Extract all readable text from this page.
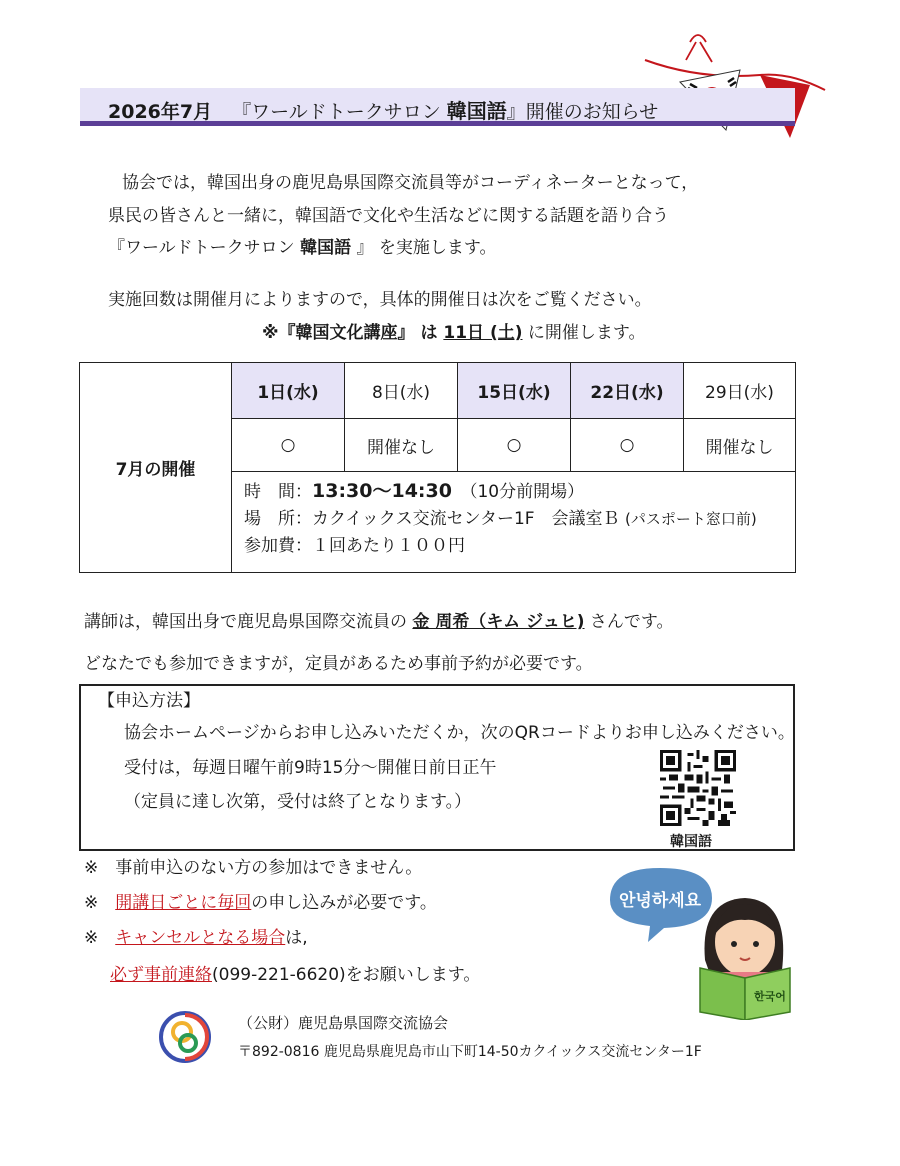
2026年7月 『ワールドトークサロン 韓国語』開催のお知らせ
協会では，韓国出身の鹿児島県国際交流員等がコーディネーターとなって，
県民の皆さんと一緒に，韓国語で文化や生活などに関する話題を語り合う
『ワールドトークサロン 韓国語 』 を実施します。
実施回数は開催月によりますので，具体的開催日は次をご覧ください。
※『韓国文化講座』 は 11日 (土) に開催します。
7月の開催	1日(水)	8日(水)	15日(水)	22日(水)	29日(水)
	○	開催なし	○	○	開催なし

	時　間：13:30～14:30　 （10分前開場）
場　所：カクイックス交流センター1F　会議室Ｂ (パスポート窓口前)
参加費：１回あたり１００円				
講師は，韓国出身で鹿児島県国際交流員の 金 周希（キム ジュヒ) さんです。
どなたでも参加できますが，定員があるため事前予約が必要です。
【申込方法】
協会ホームページからお申し込みいただくか，次のQRコードよりお申し込みください。
受付は，毎週日曜午前9時15分～開催日前日正午
（定員に達し次第，受付は終了となります。）
韓国語
※　 事前申込のない方の参加はできません。
※　 開講日ごとに毎回の申し込みが必要です。
※　 キャンセルとなる場合は,
必ず事前連絡(099-221-6620)をお願いします。
안녕하세요
한국어
（公財）鹿児島県国際交流協会
〒892-0816 鹿児島県鹿児島市山下町14-50カクイックス交流センター1F
